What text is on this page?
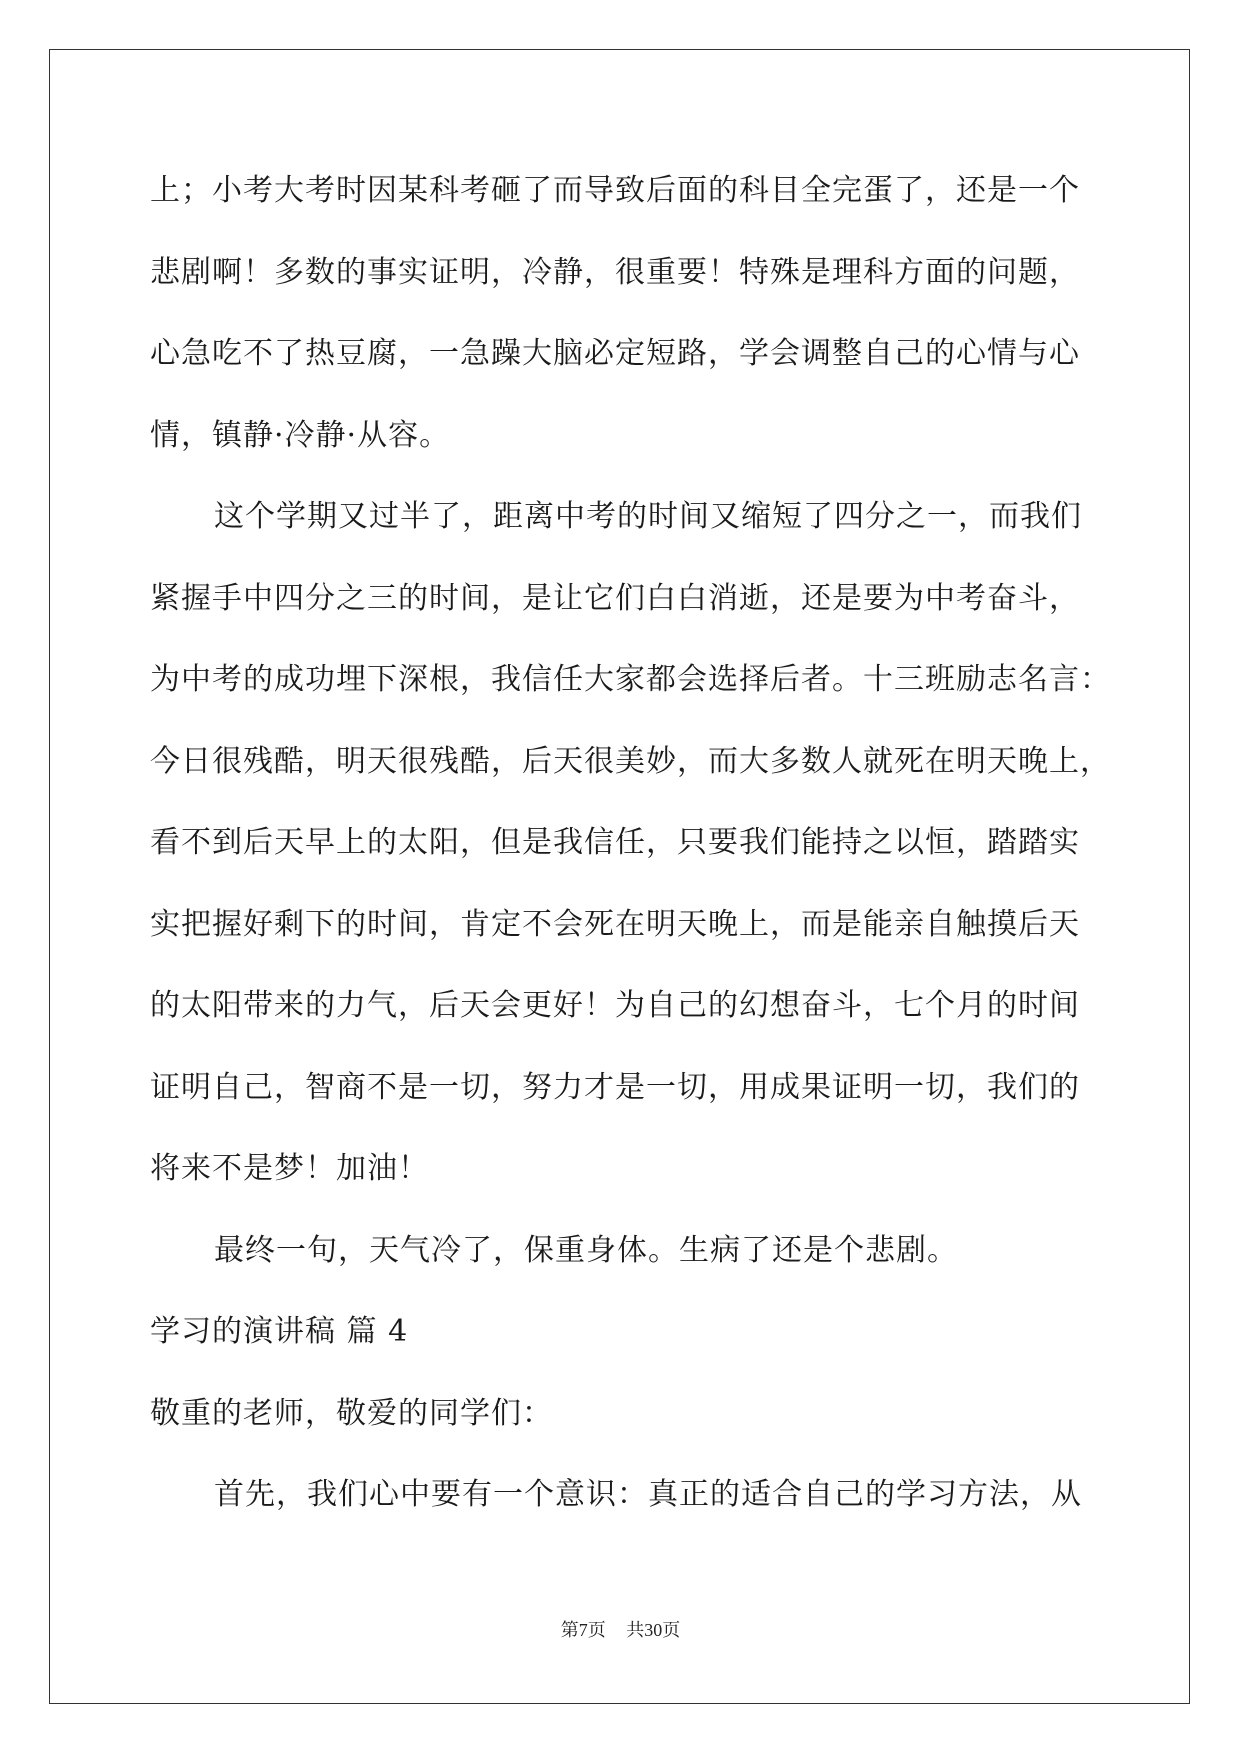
上；小考大考时因某科考砸了而导致后面的科目全完蛋了，还是一个
悲剧啊！多数的事实证明，冷静，很重要！特殊是理科方面的问题，
心急吃不了热豆腐，一急躁大脑必定短路，学会调整自己的心情与心
情，镇静·冷静·从容。
这个学期又过半了，距离中考的时间又缩短了四分之一，而我们
紧握手中四分之三的时间，是让它们白白消逝，还是要为中考奋斗，
为中考的成功埋下深根，我信任大家都会选择后者。十三班励志名言：
今日很残酷，明天很残酷，后天很美妙，而大多数人就死在明天晚上，
看不到后天早上的太阳，但是我信任，只要我们能持之以恒，踏踏实
实把握好剩下的时间，肯定不会死在明天晚上，而是能亲自触摸后天
的太阳带来的力气，后天会更好！为自己的幻想奋斗，七个月的时间
证明自己，智商不是一切，努力才是一切，用成果证明一切，我们的
将来不是梦！加油！
最终一句，天气冷了，保重身体。生病了还是个悲剧。
学习的演讲稿 篇 4
敬重的老师，敬爱的同学们：
首先，我们心中要有一个意识：真正的适合自己的学习方法，从
第7页 共30页
